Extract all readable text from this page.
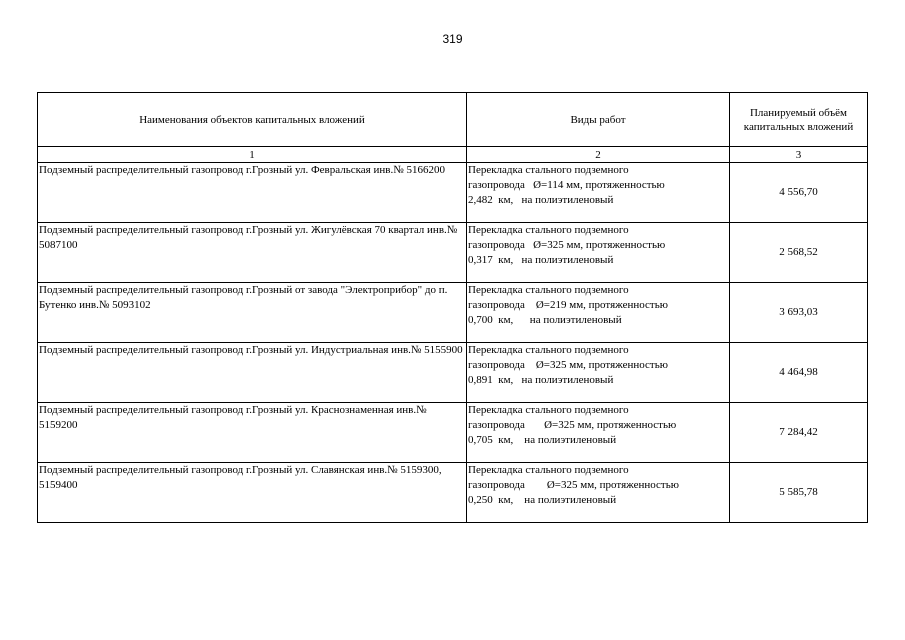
319
Наименования объектов капитальных вложений	Виды работ	Планируемый объём капитальных вложений
1	2	3
Подземный распределительный газопровод г.Грозный ул. Февральская инв.№ 5166200	Перекладка стального подземного
газопровода   Ø=114 мм, протяженностью
2,482  км,   на полиэтиленовый	4 556,70
Подземный распределительный газопровод г.Грозный ул. Жигулёвская 70 квартал инв.№ 5087100	Перекладка стального подземного
газопровода   Ø=325 мм, протяженностью
0,317  км,   на полиэтиленовый	2 568,52
Подземный распределительный газопровод г.Грозный от завода "Электроприбор" до п. Бутенко инв.№ 5093102	Перекладка стального подземного
газопровода    Ø=219 мм, протяженностью
0,700  км,      на полиэтиленовый	3 693,03
Подземный распределительный газопровод г.Грозный ул. Индустриальная инв.№ 5155900	Перекладка стального подземного
газопровода    Ø=325 мм, протяженностью
0,891  км,   на полиэтиленовый	4 464,98
Подземный распределительный газопровод г.Грозный ул. Краснознаменная инв.№ 5159200	Перекладка стального подземного
газопровода       Ø=325 мм, протяженностью
0,705  км,    на полиэтиленовый	7 284,42
Подземный распределительный газопровод г.Грозный ул. Славянская инв.№ 5159300, 5159400	Перекладка стального подземного
газопровода        Ø=325 мм, протяженностью
0,250  км,    на полиэтиленовый	5 585,78
